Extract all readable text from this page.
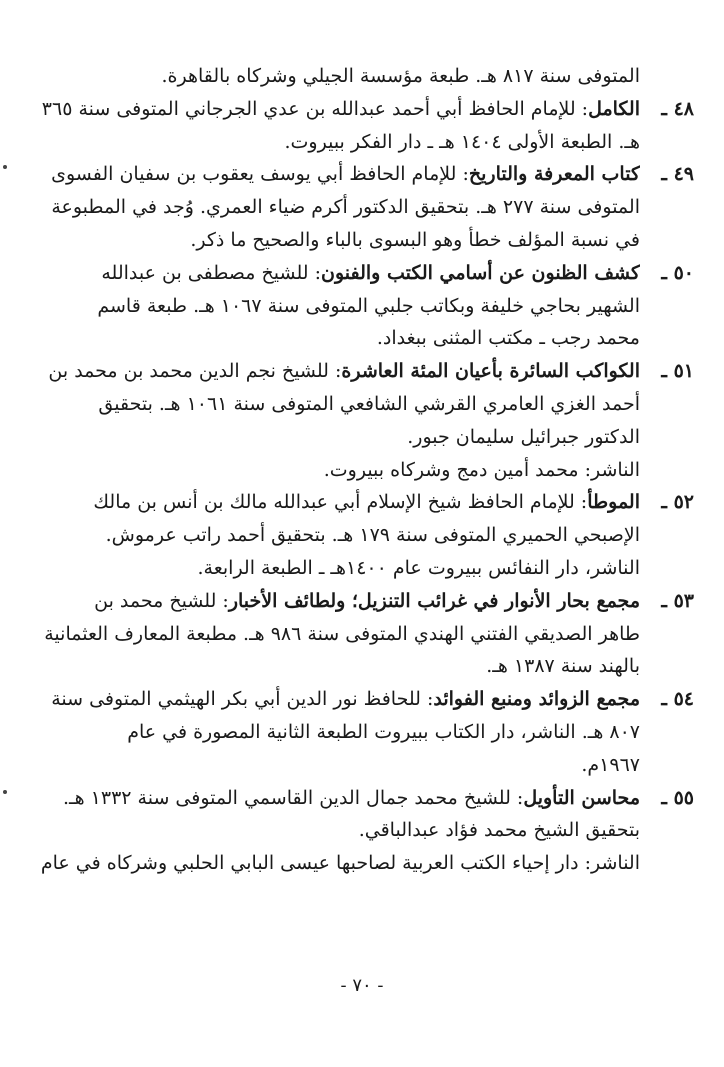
المتوفى سنة ٨١٧ هـ. طبعة مؤسسة الجيلي وشركاه بالقاهرة.
٤٨ ـ
الكامل: للإمام الحافظ أبي أحمد عبدالله بن عدي الجرجاني المتوفى سنة ٣٦٥
هـ. الطبعة الأولى ١٤٠٤ هـ ـ دار الفكر ببيروت.
٤٩ ـ
كتاب المعرفة والتاريخ: للإمام الحافظ أبي يوسف يعقوب بن سفيان الفسوى
المتوفى سنة ٢٧٧ هـ. بتحقيق الدكتور أكرم ضياء العمري. وُجد في المطبوعة
في نسبة المؤلف خطأ وهو البسوى بالباء والصحيح ما ذكر.
٥٠ ـ
كشف الظنون عن أسامي الكتب والفنون: للشيخ مصطفى بن عبدالله
الشهير بحاجي خليفة وبكاتب جلبي المتوفى سنة ١٠٦٧ هـ. طبعة قاسم
محمد رجب ـ مكتب المثنى ببغداد.
٥١ ـ
الكواكب السائرة بأعيان المئة العاشرة: للشيخ نجم الدين محمد بن محمد بن
أحمد الغزي العامري القرشي الشافعي المتوفى سنة ١٠٦١ هـ. بتحقيق
الدكتور جبرائيل سليمان جبور.
الناشر: محمد أمين دمج وشركاه ببيروت.
٥٢ ـ
الموطأ: للإمام الحافظ شيخ الإسلام أبي عبدالله مالك بن أنس بن مالك
الإصبحي الحميري المتوفى سنة ١٧٩ هـ. بتحقيق أحمد راتب عرموش.
الناشر، دار النفائس ببيروت عام ١٤٠٠هـ ـ الطبعة الرابعة.
٥٣ ـ
مجمع بحار الأنوار في غرائب التنزيل؛ ولطائف الأخبار: للشيخ محمد بن
طاهر الصديقي الفتني الهندي المتوفى سنة ٩٨٦ هـ. مطبعة المعارف العثمانية
بالهند سنة ١٣٨٧ هـ.
٥٤ ـ
مجمع الزوائد ومنبع الفوائد: للحافظ نور الدين أبي بكر الهيثمي المتوفى سنة
٨٠٧ هـ. الناشر، دار الكتاب ببيروت الطبعة الثانية المصورة في عام
١٩٦٧م.
٥٥ ـ
محاسن التأويل: للشيخ محمد جمال الدين القاسمي المتوفى سنة ١٣٣٢ هـ.
بتحقيق الشيخ محمد فؤاد عبدالباقي.
الناشر: دار إحياء الكتب العربية لصاحبها عيسى البابي الحلبي وشركاه في عام
- ٧٠ -
